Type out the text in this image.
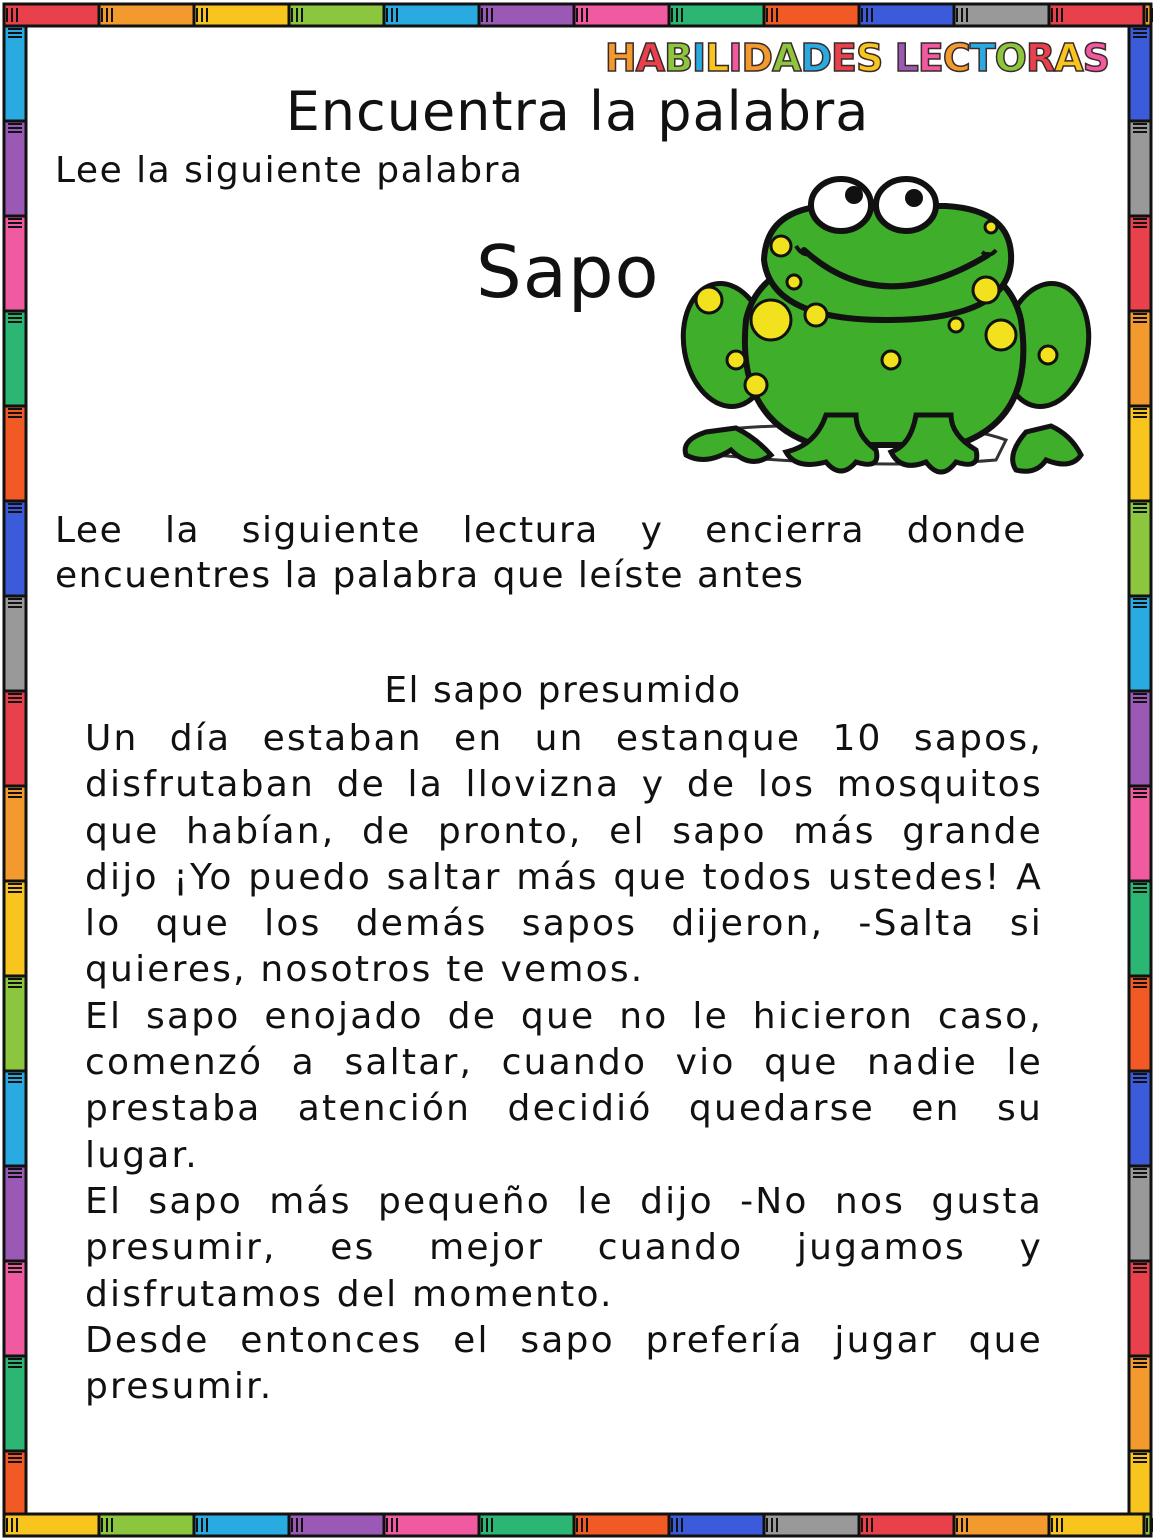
HABILIDADES LECTORAS
Encuentra la palabra
Lee la siguiente palabra
Sapo
Lee la siguiente lectura y encierra donde
encuentres la palabra que leíste antes
El sapo presumido

Un día estaban en un estanque 10 sapos,
disfrutaban de la llovizna y de los mosquitos
que habían, de pronto, el sapo más grande
dijo ¡Yo puedo saltar más que todos ustedes! A
lo que los demás sapos dijeron, -Salta si
quieres, nosotros te vemos.

El sapo enojado de que no le hicieron caso,
comenzó a saltar, cuando vio que nadie le
prestaba atención decidió quedarse en su
lugar.

El sapo más pequeño le dijo -No nos gusta
presumir, es mejor cuando jugamos y
disfrutamos del momento.

Desde entonces el sapo prefería jugar que
presumir.
